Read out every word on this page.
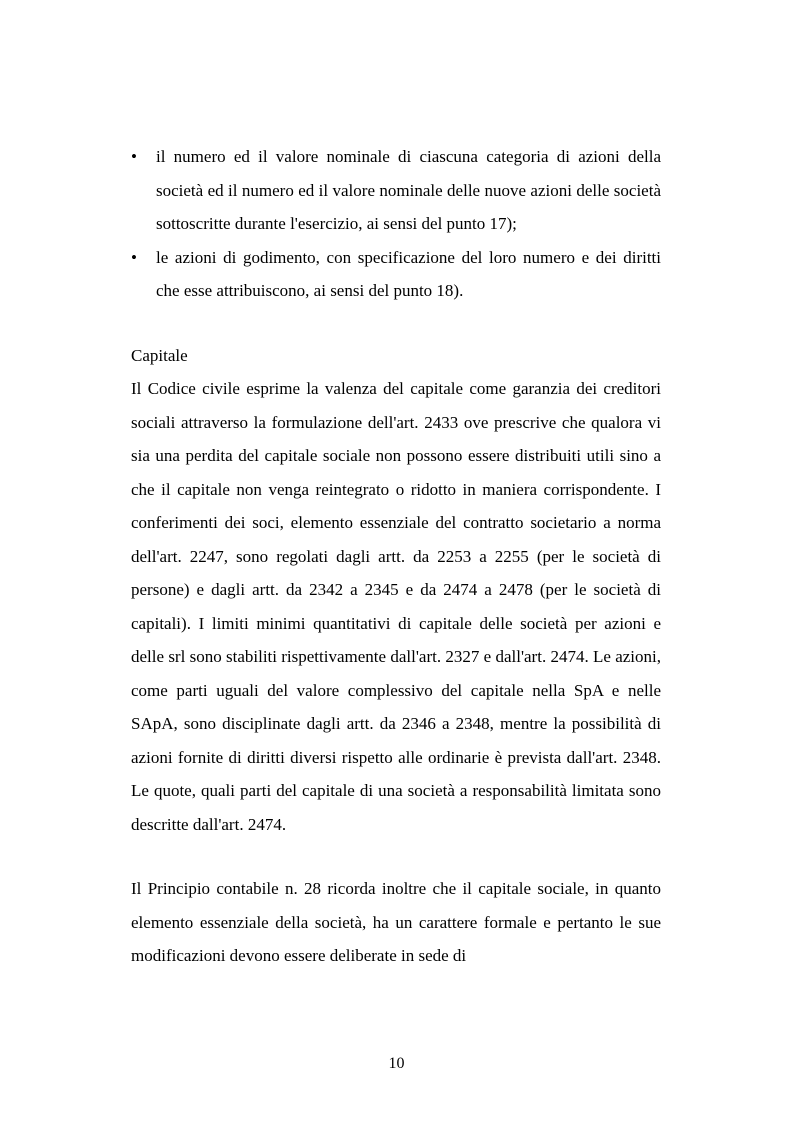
•	il numero ed il valore nominale di ciascuna categoria di azioni della società ed il numero ed il valore nominale delle nuove azioni delle società sottoscritte durante l'esercizio, ai sensi del punto 17);
•	le azioni di godimento, con specificazione del loro numero e dei diritti che esse attribuiscono, ai sensi del punto 18).
Capitale

Il Codice civile esprime la valenza del capitale come garanzia dei creditori sociali attraverso la formulazione dell'art. 2433 ove prescrive che qualora vi sia una perdita del capitale sociale non possono essere distribuiti utili sino a che il capitale non venga reintegrato o ridotto in maniera corrispondente. I conferimenti dei soci, elemento essenziale del contratto societario a norma dell'art. 2247, sono regolati dagli artt. da 2253 a 2255 (per le società di persone) e dagli artt. da 2342 a 2345 e da 2474 a 2478 (per le società di capitali). I limiti minimi quantitativi di capitale delle società per azioni e delle srl sono stabiliti rispettivamente dall'art. 2327 e dall'art. 2474. Le azioni, come parti uguali del valore complessivo del capitale nella SpA e nelle SApA, sono disciplinate dagli artt. da 2346 a 2348, mentre la possibilità di azioni fornite di diritti diversi rispetto alle ordinarie è prevista dall'art. 2348. Le quote, quali parti del capitale di una società a responsabilità limitata sono descritte dall'art. 2474.

Il Principio contabile n. 28 ricorda inoltre che il capitale sociale, in quanto elemento essenziale della società, ha un carattere formale e pertanto le sue modificazioni devono essere deliberate in sede di

10
